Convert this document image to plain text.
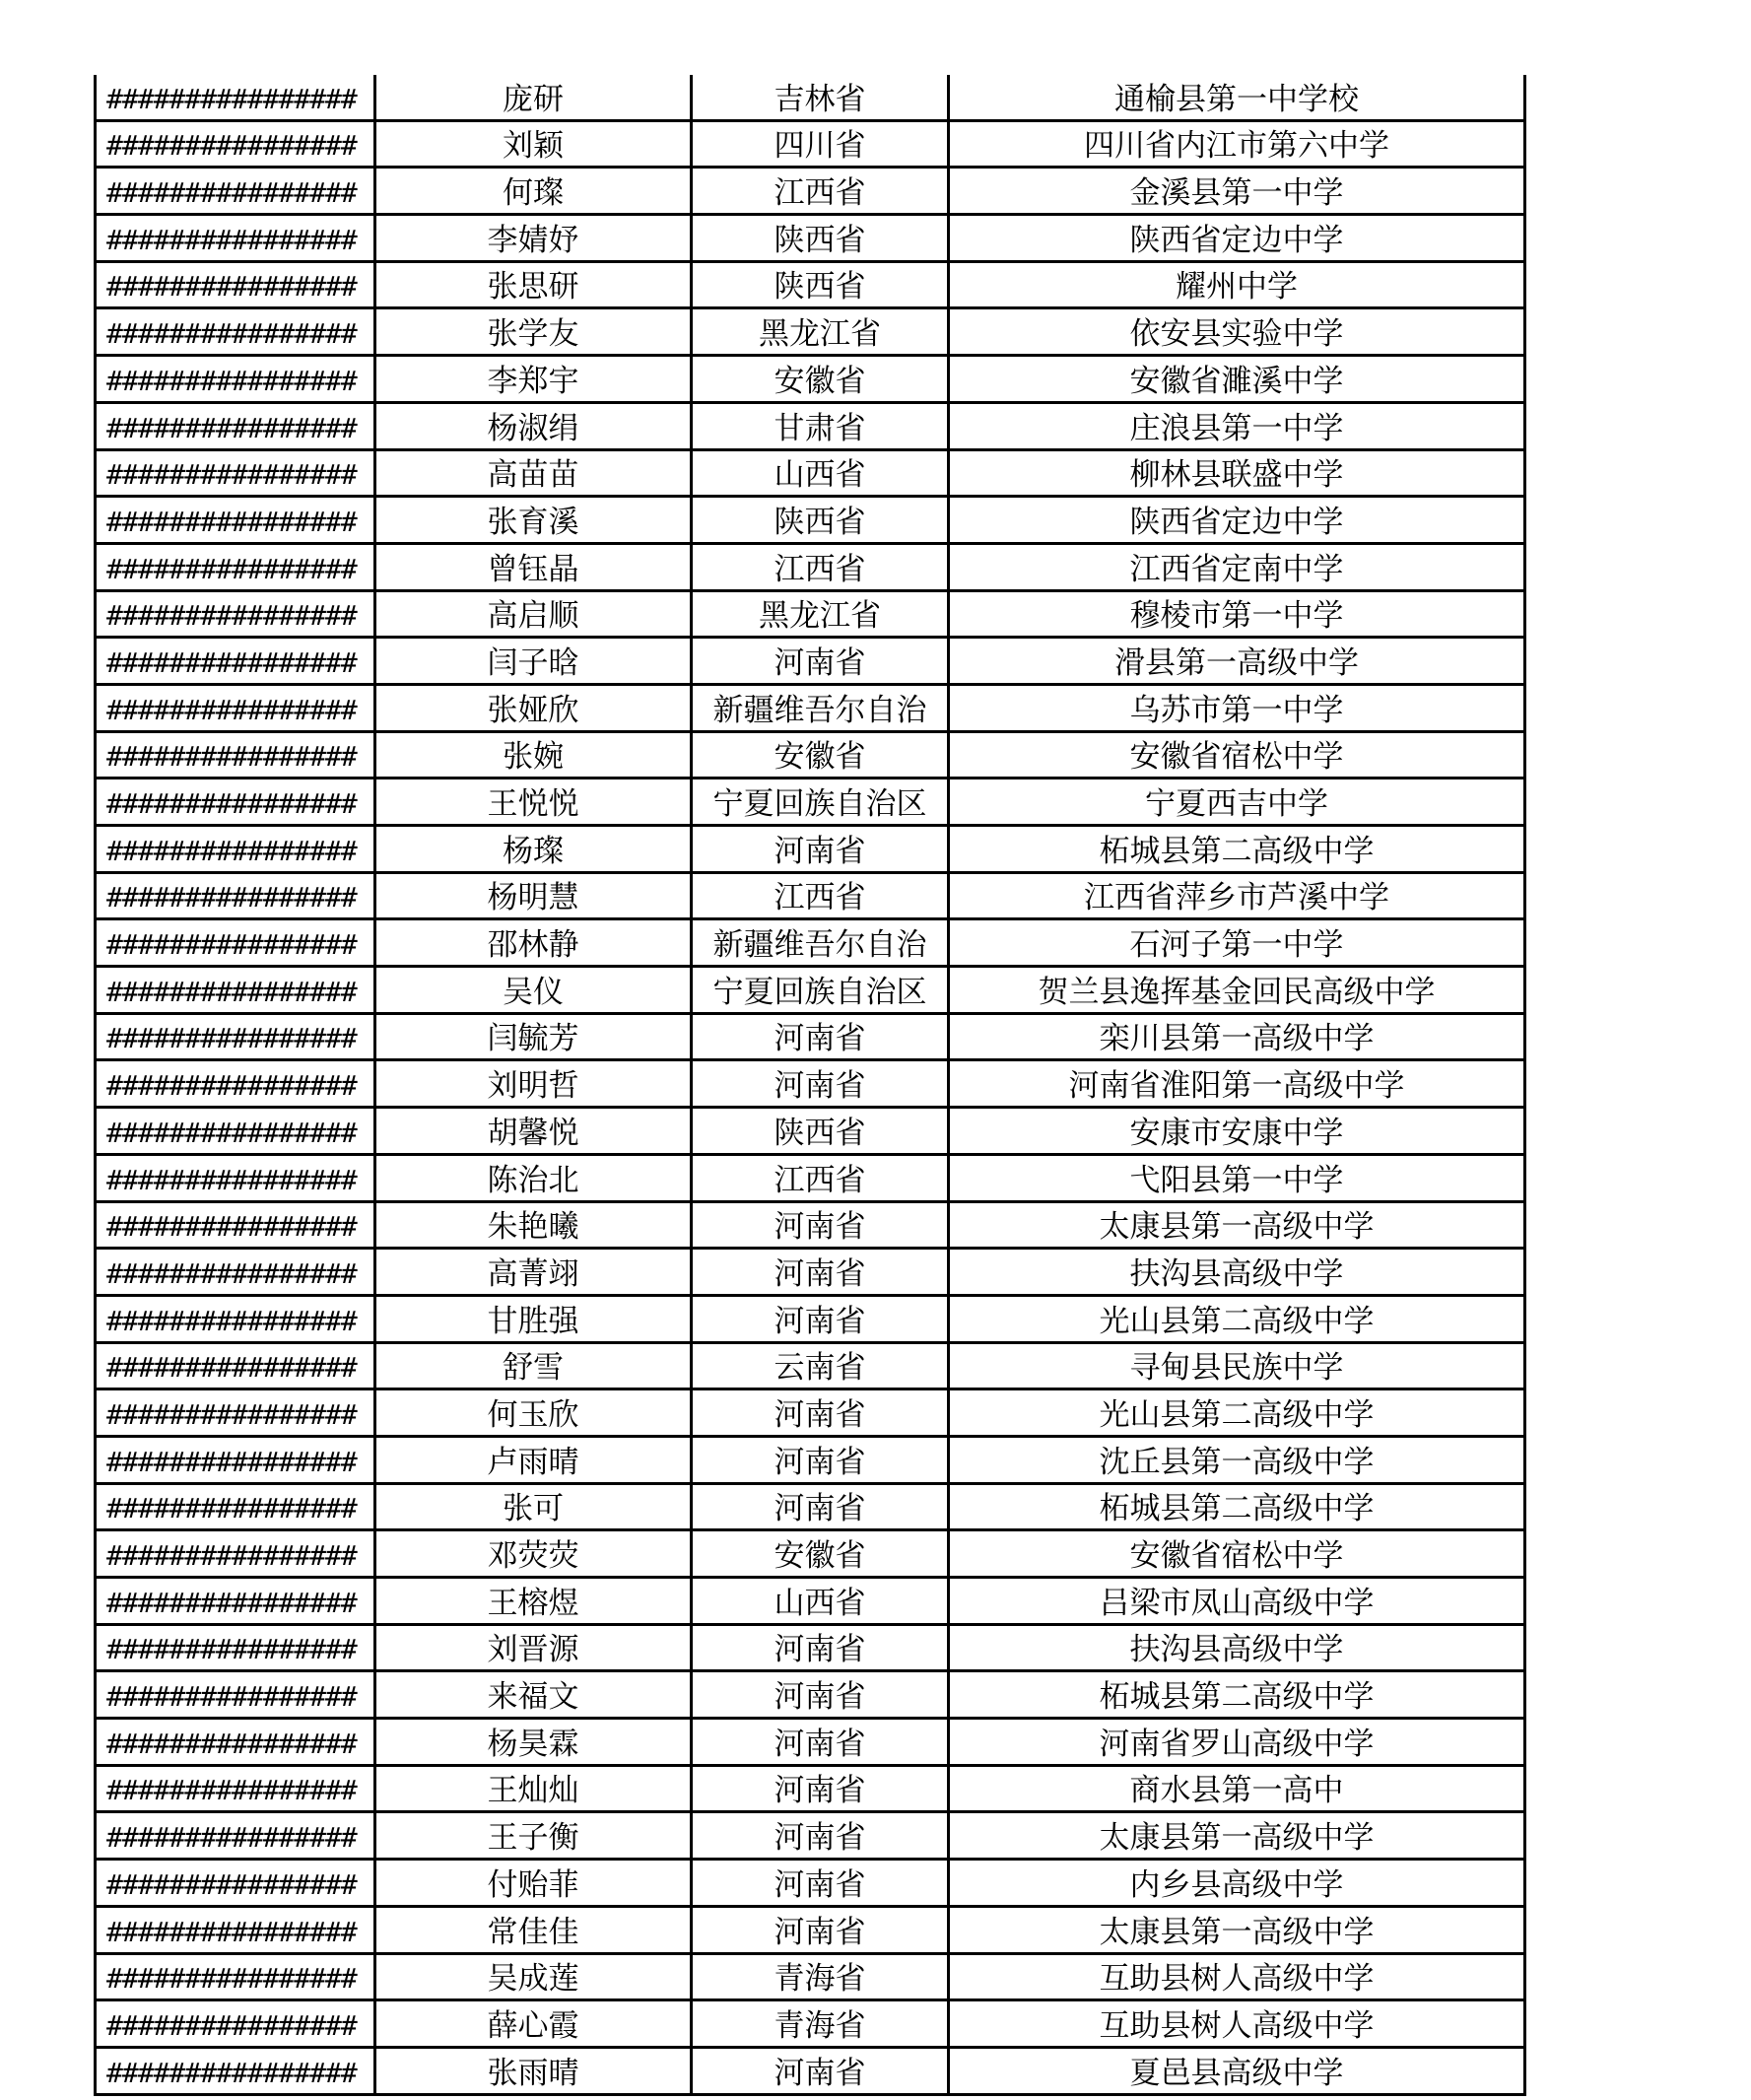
################	庞研	吉林省	通榆县第一中学校
################	刘颖	四川省	四川省内江市第六中学
################	何璨	江西省	金溪县第一中学
################	李婧妤	陕西省	陕西省定边中学
################	张思研	陕西省	耀州中学
################	张学友	黑龙江省	依安县实验中学
################	李郑宇	安徽省	安徽省濉溪中学
################	杨淑绢	甘肃省	庄浪县第一中学
################	高苗苗	山西省	柳林县联盛中学
################	张育溪	陕西省	陕西省定边中学
################	曾钰晶	江西省	江西省定南中学
################	高启顺	黑龙江省	穆棱市第一中学
################	闫子晗	河南省	滑县第一高级中学
################	张娅欣	新疆维吾尔自治	乌苏市第一中学
################	张婉	安徽省	安徽省宿松中学
################	王悦悦	宁夏回族自治区	宁夏西吉中学
################	杨璨	河南省	柘城县第二高级中学
################	杨明慧	江西省	江西省萍乡市芦溪中学
################	邵林静	新疆维吾尔自治	石河子第一中学
################	吴仪	宁夏回族自治区	贺兰县逸挥基金回民高级中学
################	闫毓芳	河南省	栾川县第一高级中学
################	刘明哲	河南省	河南省淮阳第一高级中学
################	胡馨悦	陕西省	安康市安康中学
################	陈治北	江西省	弋阳县第一中学
################	朱艳曦	河南省	太康县第一高级中学
################	高菁翊	河南省	扶沟县高级中学
################	甘胜强	河南省	光山县第二高级中学
################	舒雪	云南省	寻甸县民族中学
################	何玉欣	河南省	光山县第二高级中学
################	卢雨晴	河南省	沈丘县第一高级中学
################	张可	河南省	柘城县第二高级中学
################	邓荧荧	安徽省	安徽省宿松中学
################	王榕煜	山西省	吕梁市凤山高级中学
################	刘晋源	河南省	扶沟县高级中学
################	来福文	河南省	柘城县第二高级中学
################	杨昊霖	河南省	河南省罗山高级中学
################	王灿灿	河南省	商水县第一高中
################	王子衡	河南省	太康县第一高级中学
################	付贻菲	河南省	内乡县高级中学
################	常佳佳	河南省	太康县第一高级中学
################	吴成莲	青海省	互助县树人高级中学
################	薛心霞	青海省	互助县树人高级中学
################	张雨晴	河南省	夏邑县高级中学
